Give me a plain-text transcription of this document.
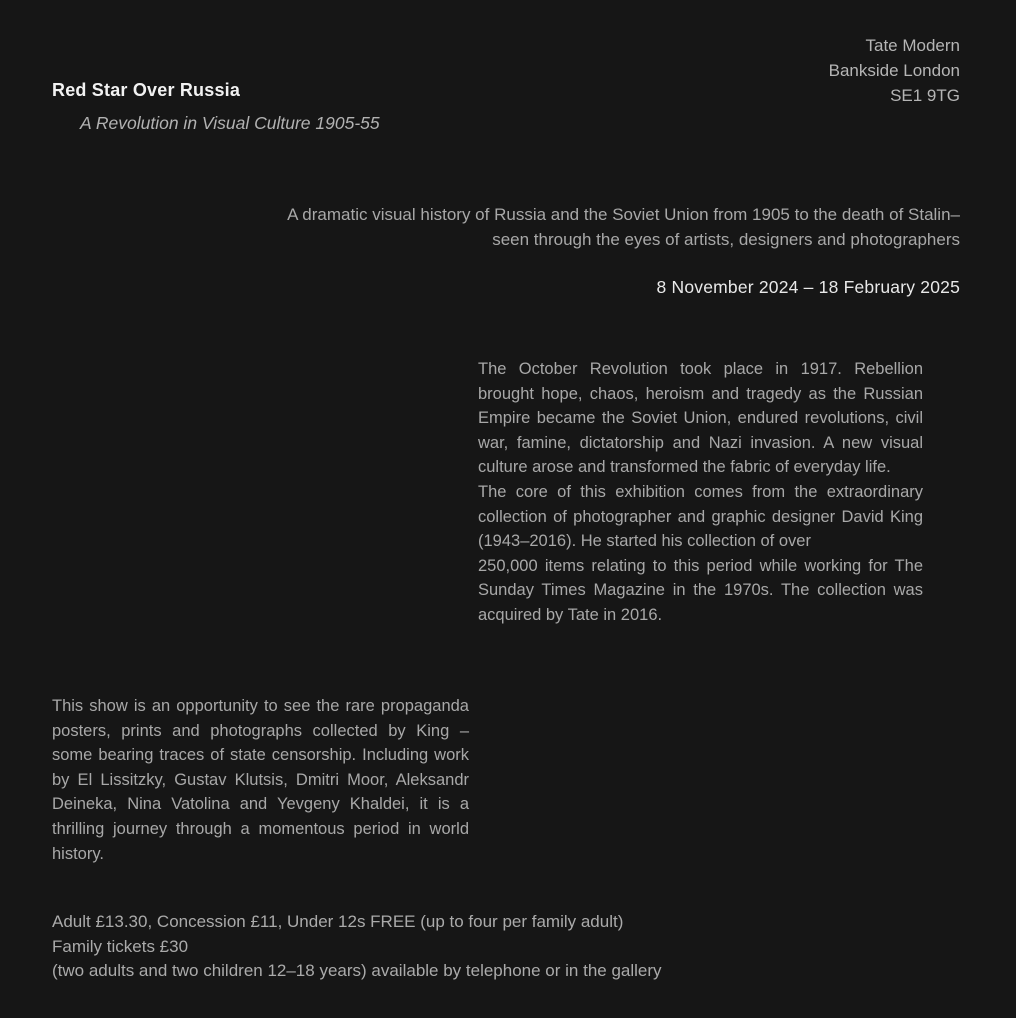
Tate Modern
Bankside London
SE1 9TG
Red Star Over Russia
A Revolution in Visual Culture 1905-55
A dramatic visual history of Russia and the Soviet Union from 1905 to the death of Stalin–
seen through the eyes of artists, designers and photographers
8 November 2024 – 18 February 2025

The October Revolution took place in 1917. Rebellion brought hope, chaos, heroism and tragedy as the Russian Empire became the Soviet Union, endured revolutions, civil war, famine, dictatorship and Nazi invasion. A new visual culture arose and transformed the fabric of everyday life.

The core of this exhibition comes from the extraordinary collection of photographer and graphic designer David King (1943–2016). He started his collection of over
250,000 items relating to this period while working for The Sunday Times Magazine in the 1970s. The collection was acquired by Tate in 2016.

This show is an opportunity to see the rare propaganda posters, prints and photographs collected by King – some bearing traces of state censorship. Including work by El Lissitzky, Gustav Klutsis, Dmitri Moor, Aleksandr Deineka, Nina Vatolina and Yevgeny Khaldei, it is a thrilling journey through a momentous period in world history.
Adult £13.30, Concession £11, Under 12s FREE (up to four per family adult)
Family tickets £30
(two adults and two children 12–18 years) available by telephone or in the gallery
